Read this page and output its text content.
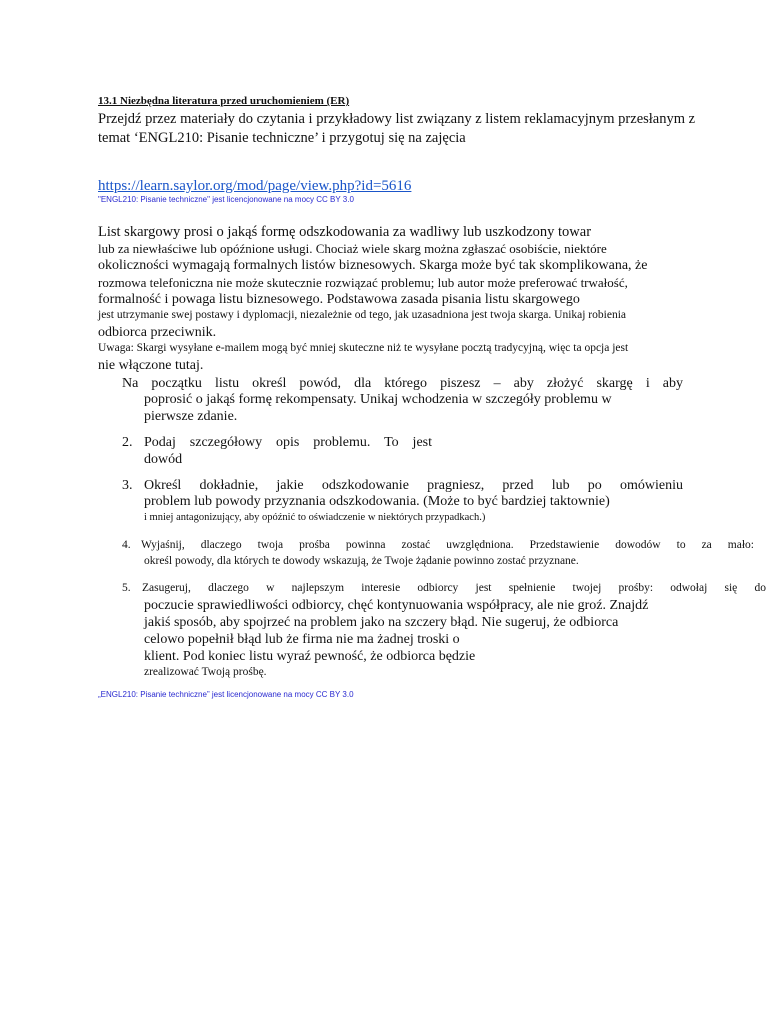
13.1 Niezbędna literatura przed uruchomieniem (ER)
Przejdź przez materiały do czytania i przykładowy list związany z listem reklamacyjnym przesłanym z
temat ‘ENGL210: Pisanie techniczne’ i przygotuj się na zajęcia
https://learn.saylor.org/mod/page/view.php?id=5616
"ENGL210: Pisanie techniczne" jest licencjonowane na mocy CC BY 3.0
List skargowy prosi o jakąś formę odszkodowania za wadliwy lub uszkodzony towar
lub za niewłaściwe lub opóźnione usługi. Chociaż wiele skarg można zgłaszać osobiście, niektóre
okoliczności wymagają formalnych listów biznesowych. Skarga może być tak skomplikowana, że
rozmowa telefoniczna nie może skutecznie rozwiązać problemu; lub autor może preferować trwałość,
formalność i powaga listu biznesowego. Podstawowa zasada pisania listu skargowego
jest utrzymanie swej postawy i dyplomacji, niezależnie od tego, jak uzasadniona jest twoja skarga. Unikaj robienia
odbiorca przeciwnik.
Uwaga: Skargi wysyłane e-mailem mogą być mniej skuteczne niż te wysyłane pocztą tradycyjną, więc ta opcja jest
nie włączone tutaj.
Na początku listu określ powód, dla którego piszesz – aby złożyć skargę i aby
poprosić o jakąś formę rekompensaty. Unikaj wchodzenia w szczegóły problemu w
pierwsze zdanie.
2. Podaj szczegółowy opis problemu. To jest
dowód
3. Określ dokładnie, jakie odszkodowanie pragniesz, przed lub po omówieniu
problem lub powody przyznania odszkodowania. (Może to być bardziej taktownie)
i mniej antagonizujący, aby opóźnić to oświadczenie w niektórych przypadkach.)
4. Wyjaśnij, dlaczego twoja prośba powinna zostać uwzględniona. Przedstawienie dowodów to za mało:
określ powody, dla których te dowody wskazują, że Twoje żądanie powinno zostać przyznane.
5. Zasugeruj, dlaczego w najlepszym interesie odbiorcy jest spełnienie twojej prośby: odwołaj się do
poczucie sprawiedliwości odbiorcy, chęć kontynuowania współpracy, ale nie groź. Znajdź
jakiś sposób, aby spojrzeć na problem jako na szczery błąd. Nie sugeruj, że odbiorca
celowo popełnił błąd lub że firma nie ma żadnej troski o
klient. Pod koniec listu wyraź pewność, że odbiorca będzie
zrealizować Twoją prośbę.
„ENGL210: Pisanie techniczne” jest licencjonowane na mocy CC BY 3.0
